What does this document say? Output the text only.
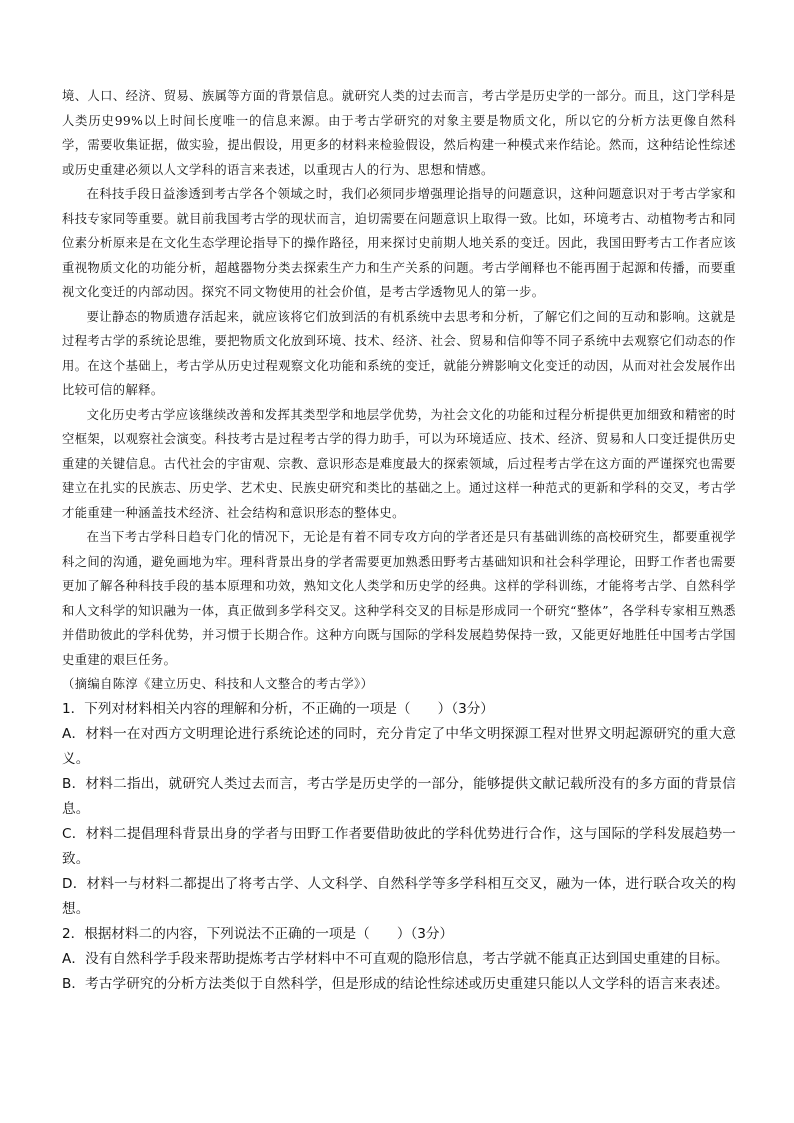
境、人口、经济、贸易、族属等方面的背景信息。就研究人类的过去而言，考古学是历史学的一部分。而且，这门学科是人类历史99%以上时间长度唯一的信息来源。由于考古学研究的对象主要是物质文化，所以它的分析方法更像自然科学，需要收集证据，做实验，提出假设，用更多的材料来检验假设，然后构建一种模式来作结论。然而，这种结论性综述或历史重建必须以人文学科的语言来表述，以重现古人的行为、思想和情感。

在科技手段日益渗透到考古学各个领域之时，我们必须同步增强理论指导的问题意识，这种问题意识对于考古学家和科技专家同等重要。就目前我国考古学的现状而言，迫切需要在问题意识上取得一致。比如，环境考古、动植物考古和同位素分析原来是在文化生态学理论指导下的操作路径，用来探讨史前期人地关系的变迁。因此，我国田野考古工作者应该重视物质文化的功能分析，超越器物分类去探索生产力和生产关系的问题。考古学阐释也不能再囿于起源和传播，而要重视文化变迁的内部动因。探究不同文物使用的社会价值，是考古学透物见人的第一步。

要让静态的物质遗存活起来，就应该将它们放到活的有机系统中去思考和分析，了解它们之间的互动和影响。这就是过程考古学的系统论思维，要把物质文化放到环境、技术、经济、社会、贸易和信仰等不同子系统中去观察它们动态的作用。在这个基础上，考古学从历史过程观察文化功能和系统的变迁，就能分辨影响文化变迁的动因，从而对社会发展作出比较可信的解释。

文化历史考古学应该继续改善和发挥其类型学和地层学优势，为社会文化的功能和过程分析提供更加细致和精密的时空框架，以观察社会演变。科技考古是过程考古学的得力助手，可以为环境适应、技术、经济、贸易和人口变迁提供历史重建的关键信息。古代社会的宇宙观、宗教、意识形态是难度最大的探索领域，后过程考古学在这方面的严谨探究也需要建立在扎实的民族志、历史学、艺术史、民族史研究和类比的基础之上。通过这样一种范式的更新和学科的交叉，考古学才能重建一种涵盖技术经济、社会结构和意识形态的整体史。

在当下考古学科日趋专门化的情况下，无论是有着不同专攻方向的学者还是只有基础训练的高校研究生，都要重视学科之间的沟通，避免画地为牢。理科背景出身的学者需要更加熟悉田野考古基础知识和社会科学理论，田野工作者也需要更加了解各种科技手段的基本原理和功效，熟知文化人类学和历史学的经典。这样的学科训练，才能将考古学、自然科学和人文科学的知识融为一体，真正做到多学科交叉。这种学科交叉的目标是形成同一个研究“整体”，各学科专家相互熟悉并借助彼此的学科优势，并习惯于长期合作。这种方向既与国际的学科发展趋势保持一致，又能更好地胜任中国考古学国史重建的艰巨任务。

（摘编自陈淳《建立历史、科技和人文整合的考古学》）

1．下列对材料相关内容的理解和分析，不正确的一项是（　　）（3分）

A．材料一在对西方文明理论进行系统论述的同时，充分肯定了中华文明探源工程对世界文明起源研究的重大意义。

B．材料二指出，就研究人类过去而言，考古学是历史学的一部分，能够提供文献记载所没有的多方面的背景信息。

C．材料二提倡理科背景出身的学者与田野工作者要借助彼此的学科优势进行合作，这与国际的学科发展趋势一致。

D．材料一与材料二都提出了将考古学、人文科学、自然科学等多学科相互交叉，融为一体，进行联合攻关的构想。

2．根据材料二的内容，下列说法不正确的一项是（　　）（3分）

A．没有自然科学手段来帮助提炼考古学材料中不可直观的隐形信息，考古学就不能真正达到国史重建的目标。

B．考古学研究的分析方法类似于自然科学，但是形成的结论性综述或历史重建只能以人文学科的语言来表述。
